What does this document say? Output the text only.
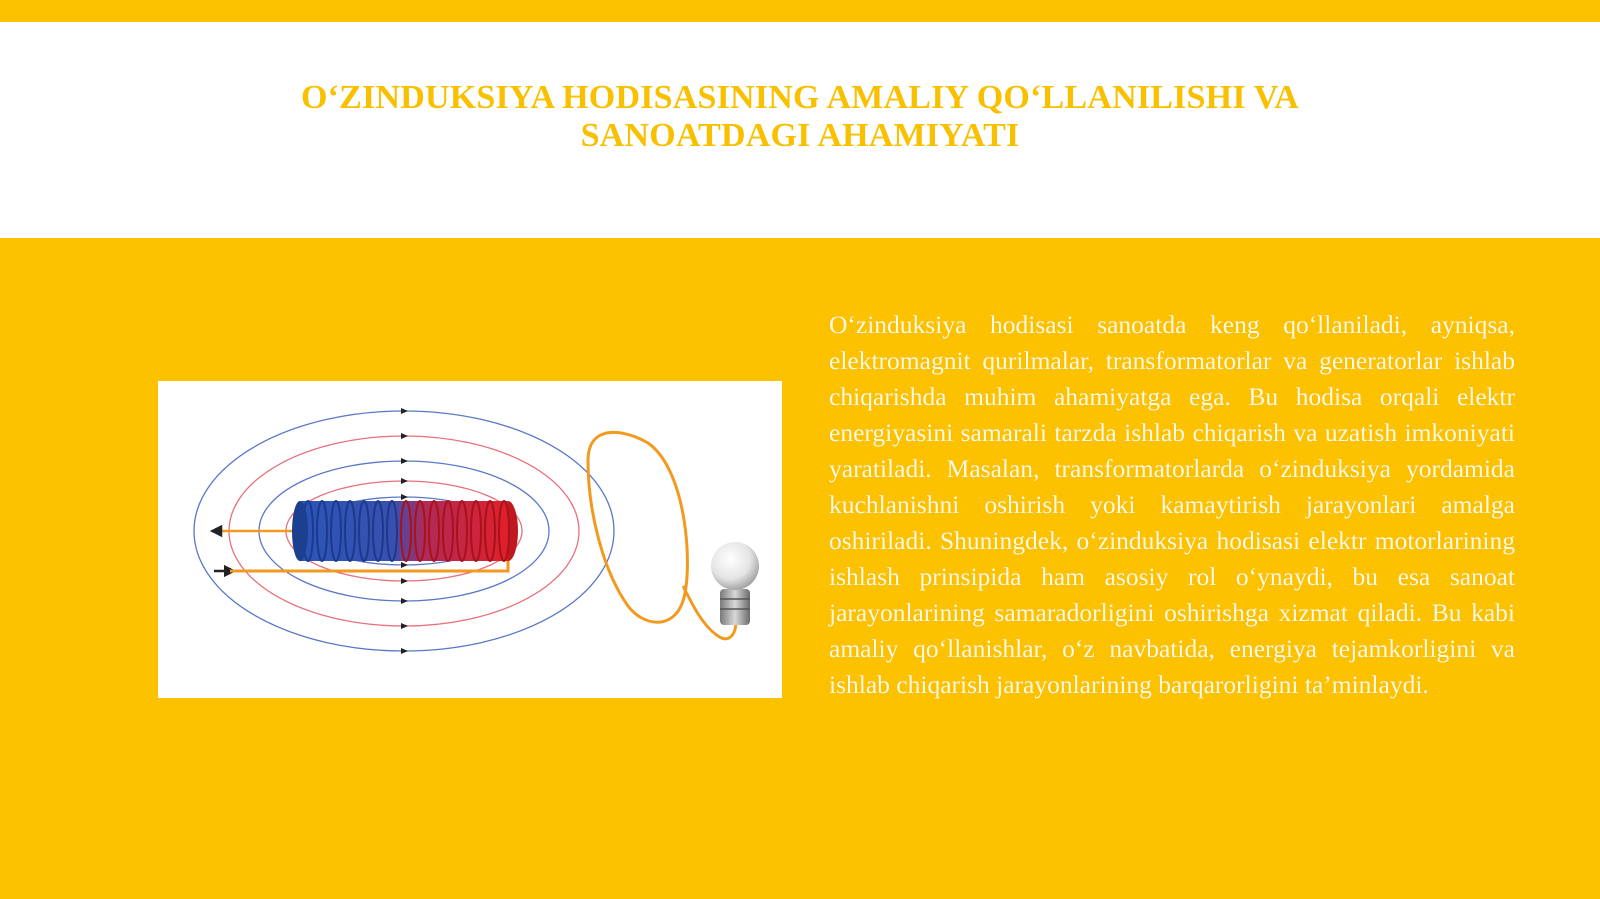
O‘ZINDUKSIYA HODISASINING AMALIY QO‘LLANILISHI VA SANOATDAGI AHAMIYATI

O‘zinduksiya hodisasi sanoatda keng qo‘llaniladi, ayniqsa, elektromagnit qurilmalar, transformatorlar va generatorlar ishlab chiqarishda muhim ahamiyatga ega. Bu hodisa orqali elektr energiyasini samarali tarzda ishlab chiqarish va uzatish imkoniyati yaratiladi. Masalan, transformatorlarda o‘zinduksiya yordamida kuchlanishni oshirish yoki kamaytirish jarayonlari amalga oshiriladi. Shuningdek, o‘zinduksiya hodisasi elektr motorlarining ishlash prinsipida ham asosiy rol o‘ynaydi, bu esa sanoat jarayonlarining samaradorligini oshirishga xizmat qiladi. Bu kabi amaliy qo‘llanishlar, o‘z navbatida, energiya tejamkorligini va ishlab chiqarish jarayonlarining barqarorligini ta’minlaydi.
